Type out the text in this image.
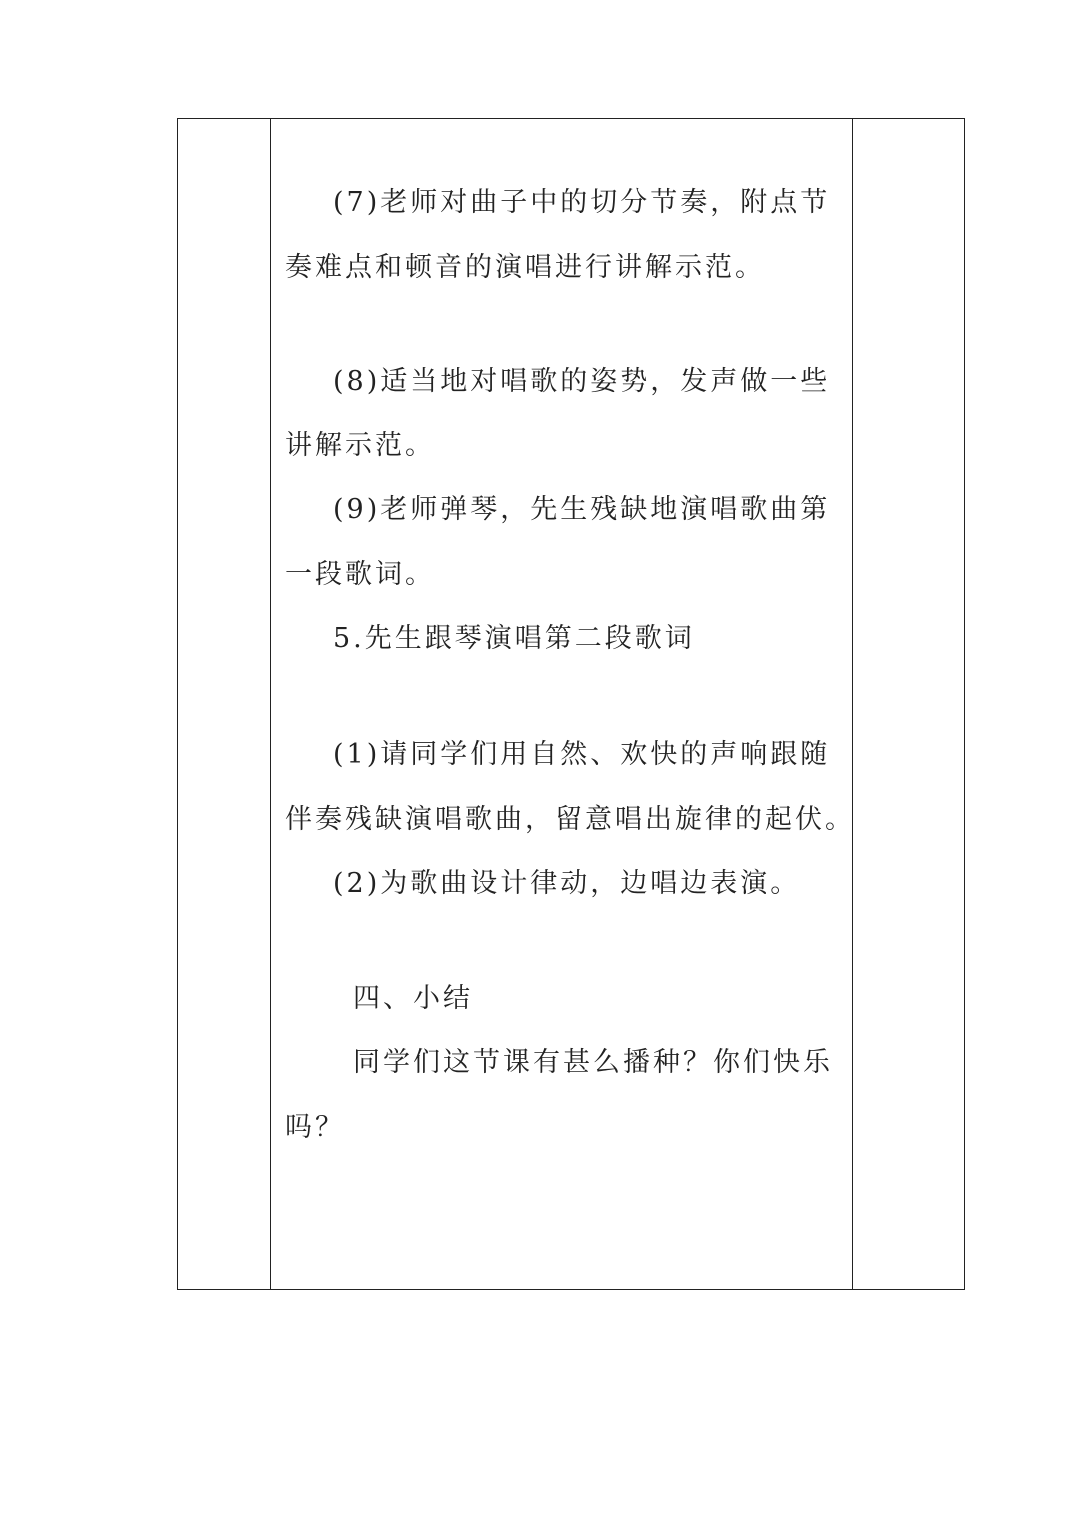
(7)老师对曲子中的切分节奏，附点节
奏难点和顿音的演唱进行讲解示范。
(8)适当地对唱歌的姿势，发声做一些
讲解示范。
(9)老师弹琴，先生残缺地演唱歌曲第
一段歌词。
5.先生跟琴演唱第二段歌词
(1)请同学们用自然、欢快的声响跟随
伴奏残缺演唱歌曲，留意唱出旋律的起伏。
(2)为歌曲设计律动，边唱边表演。
四、小结
同学们这节课有甚么播种？你们快乐
吗？
